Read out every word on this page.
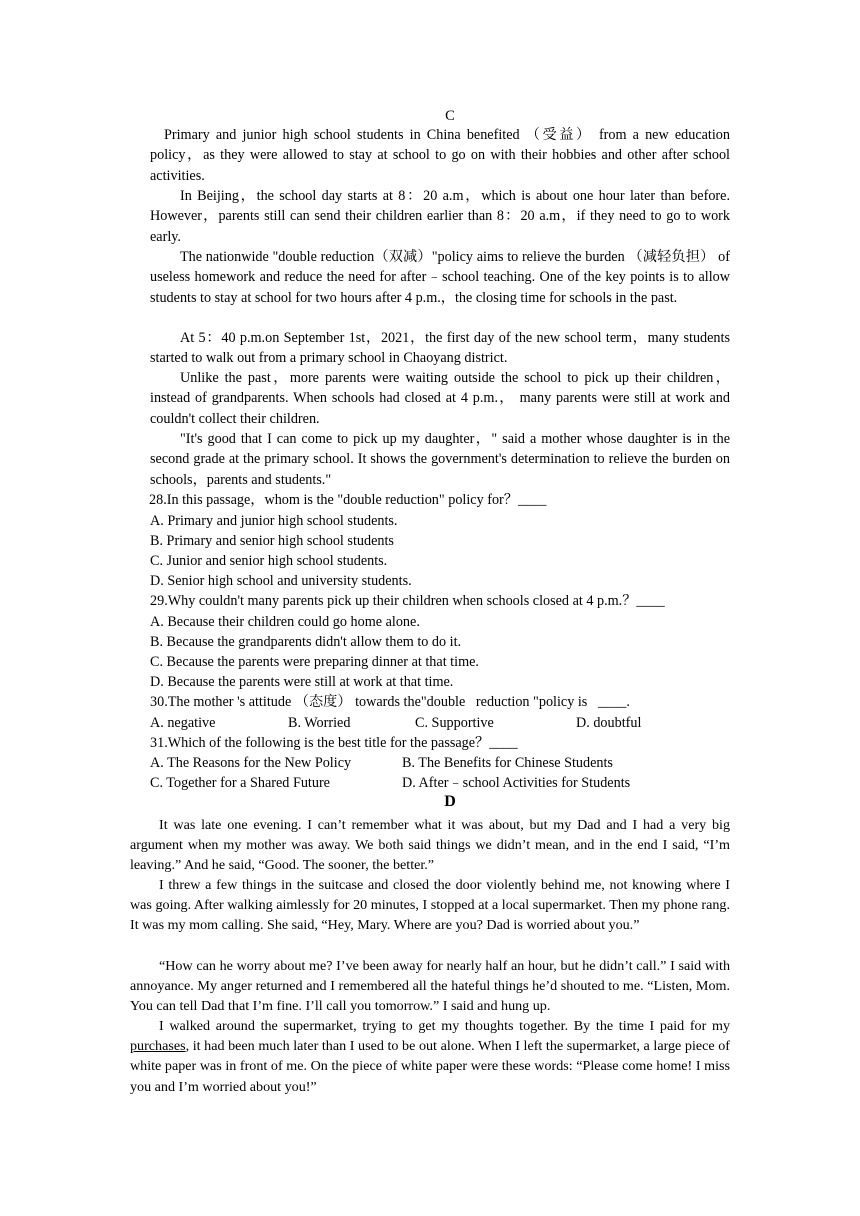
C
Primary and junior high school students in China benefited （受益） from a new education policy，as they were allowed to stay at school to go on with their hobbies and other after school activities.
In Beijing，the school day starts at 8：20 a.m，which is about one hour later than before. However，parents still can send their children earlier than 8：20 a.m，if they need to go to work early.
The nationwide "double reduction（双减）"policy aims to relieve the burden （减轻负担） of useless homework and reduce the need for after﹣school teaching. One of the key points is to allow students to stay at school for two hours after 4 p.m.，the closing time for schools in the past.
At 5：40 p.m.on September 1st，2021，the first day of the new school term，many students started to walk out from a primary school in Chaoyang district.
Unlike the past，more parents were waiting outside the school to pick up their children，instead of grandparents. When schools had closed at 4 p.m.， many parents were still at work and couldn't collect their children.
"It's good that I can come to pick up my daughter，" said a mother whose daughter is in the second grade at the primary school. It shows the government's determination to relieve the burden on schools，parents and students."
28.In this passage，whom is the "double reduction" policy for？____
A. Primary and junior high school students.
B. Primary and senior high school students
C. Junior and senior high school students.
D. Senior high school and university students.
29.Why couldn't many parents pick up their children when schools closed at 4 p.m.？____
A. Because their children could go home alone.
B. Because the grandparents didn't allow them to do it.
C. Because the parents were preparing dinner at that time.
D. Because the parents were still at work at that time.
30.The mother 's attitude （态度） towards the"double   reduction "policy is   ____.
A. negative	B. Worried	C. Supportive	D. doubtful
31.Which of the following is the best title for the passage？____
A. The Reasons for the New Policy	B. The Benefits for Chinese Students
C. Together for a Shared Future	D. After﹣school Activities for Students
D
It was late one evening. I can’t remember what it was about, but my Dad and I had a very big argument when my mother was away. We both said things we didn’t mean, and in the end I said, “I’m leaving.” And he said, “Good. The sooner, the better.”
I threw a few things in the suitcase and closed the door violently behind me, not knowing where I was going. After walking aimlessly for 20 minutes, I stopped at a local supermarket. Then my phone rang. It was my mom calling. She said, “Hey, Mary. Where are you? Dad is worried about you.”
“How can he worry about me? I’ve been away for nearly half an hour, but he didn’t call.” I said with annoyance. My anger returned and I remembered all the hateful things he’d shouted to me. “Listen, Mom. You can tell Dad that I’m fine. I’ll call you tomorrow.” I said and hung up.
I walked around the supermarket, trying to get my thoughts together. By the time I paid for my purchases, it had been much later than I used to be out alone. When I left the supermarket, a large piece of white paper was in front of me. On the piece of white paper were these words: “Please come home! I miss you and I’m worried about you!”
